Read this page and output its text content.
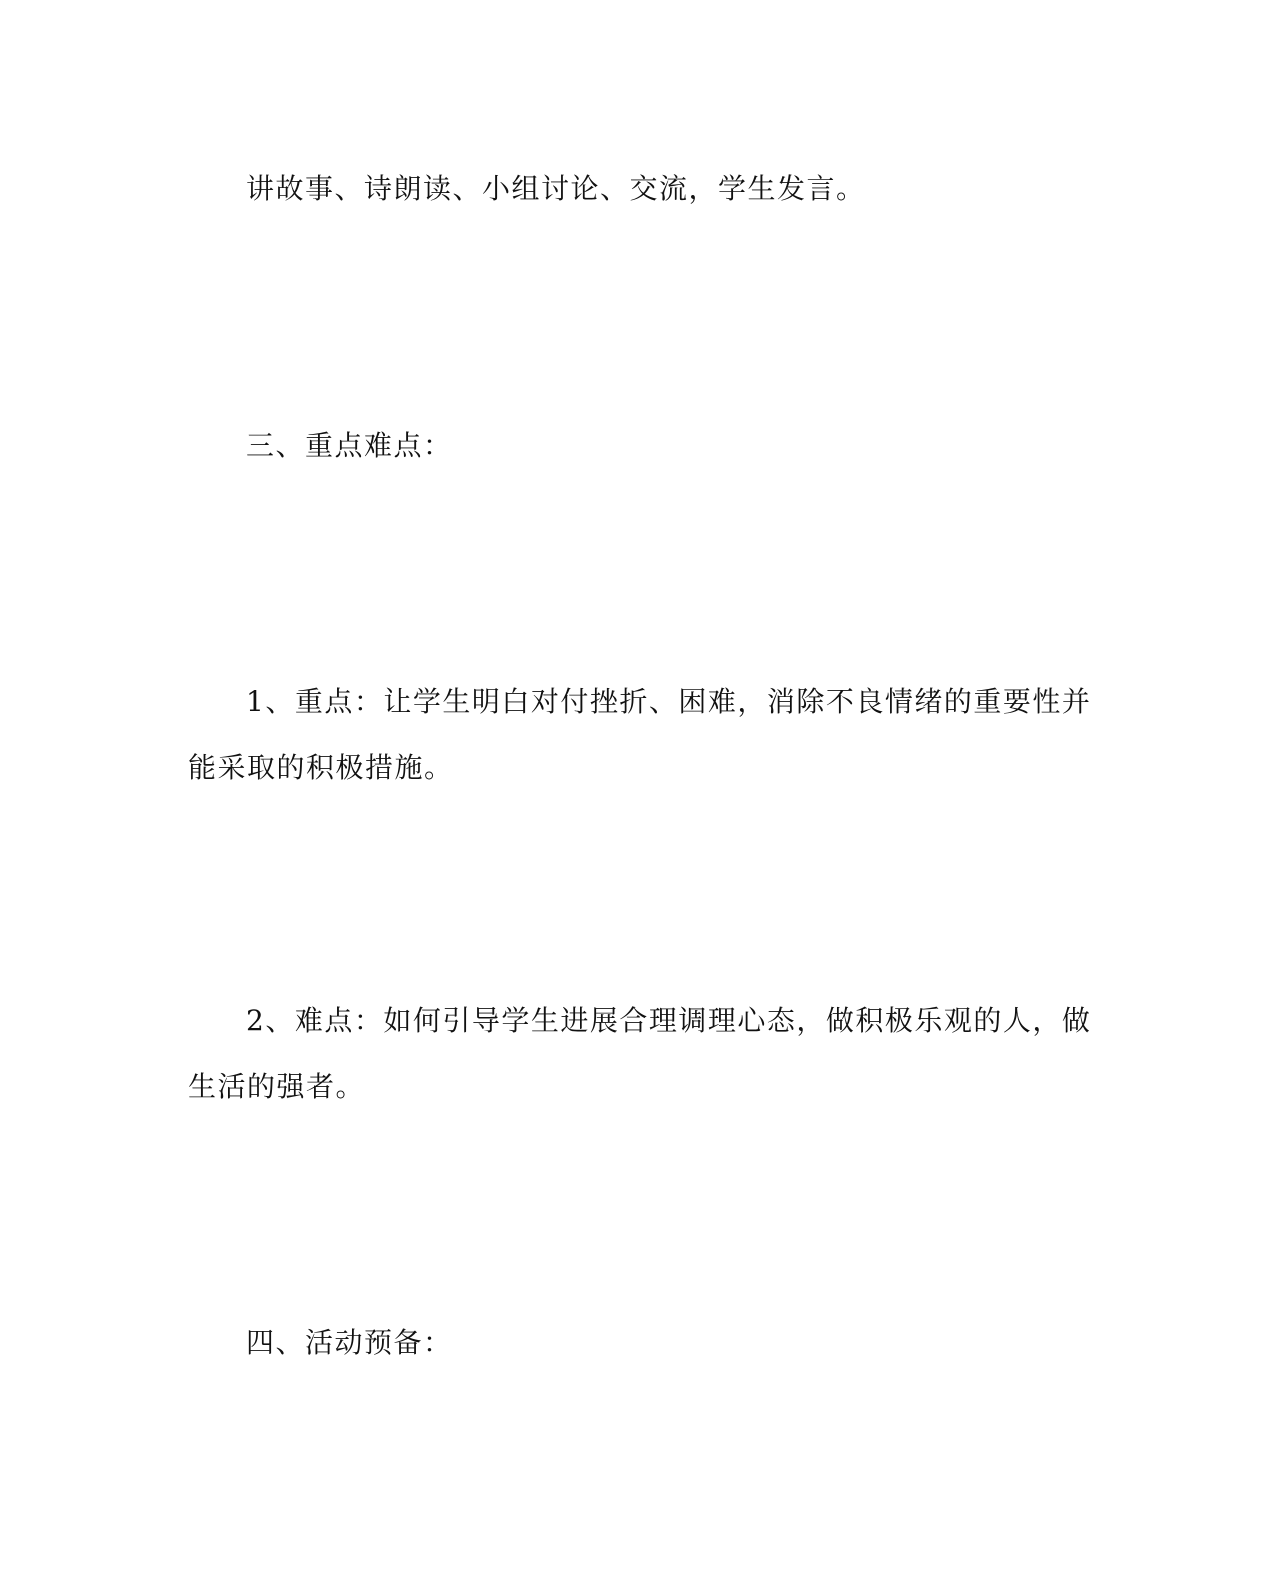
讲故事、诗朗读、小组讨论、交流，学生发言。
三、重点难点：
1、重点：让学生明白对付挫折、困难，消除不良情绪的重要性并
能采取的积极措施。
2、难点：如何引导学生进展合理调理心态，做积极乐观的人，做
生活的强者。
四、活动预备：
